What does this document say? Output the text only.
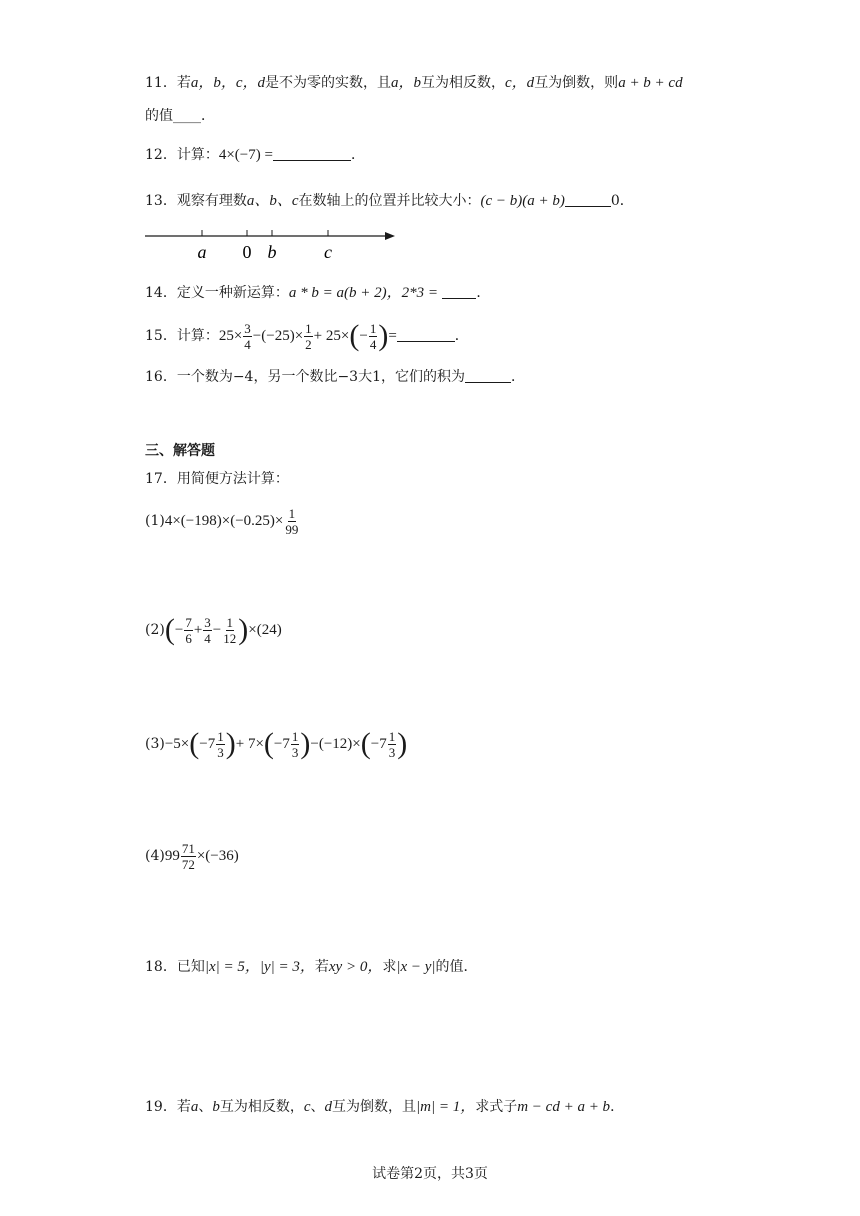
11．若a，b，c，d是不为零的实数，且a，b互为相反数，c，d互为倒数，则a + b + cd
的值____．
12．计算：4×(−7) =	．
13．观察有理数a、b、c在数轴上的位置并比较大小：(c − b)(a + b)	0．
a 0 b	c
14．定义一种新运算：a * b = a(b + 2)，2*3 =	．
15．计算：$25\times \frac{3}{4} -(-25)\times \frac{1}{2} + 25\times(- \frac{1}{4}$ )=	．
16．一个数为−4，另一个数比−3大1，它们的积为	．
三、解答题
17．用简便方法计算：
$(1)4\times(-198)\times(-0.25)\times \frac{1}{99}$
$(2)(- \frac{7}{6} + \frac{3}{4} - \frac{1}{12} )\times(24)$
$(3)-5\times(-7 \frac{1}{3}$ )+ $7\times(-7 \frac{1}{3} )-(-12)\times(-7 \frac{1}{3}$ )
$(4)99 \frac{71}{72} \times(-36)$
18．已知|x| = 5，|y| = 3，若xy > 0，求|x − y|的值．
19．若a、b互为相反数，c、d互为倒数，且|m| = 1，求式子m − cd + a + b．
试卷第2页，共3页
